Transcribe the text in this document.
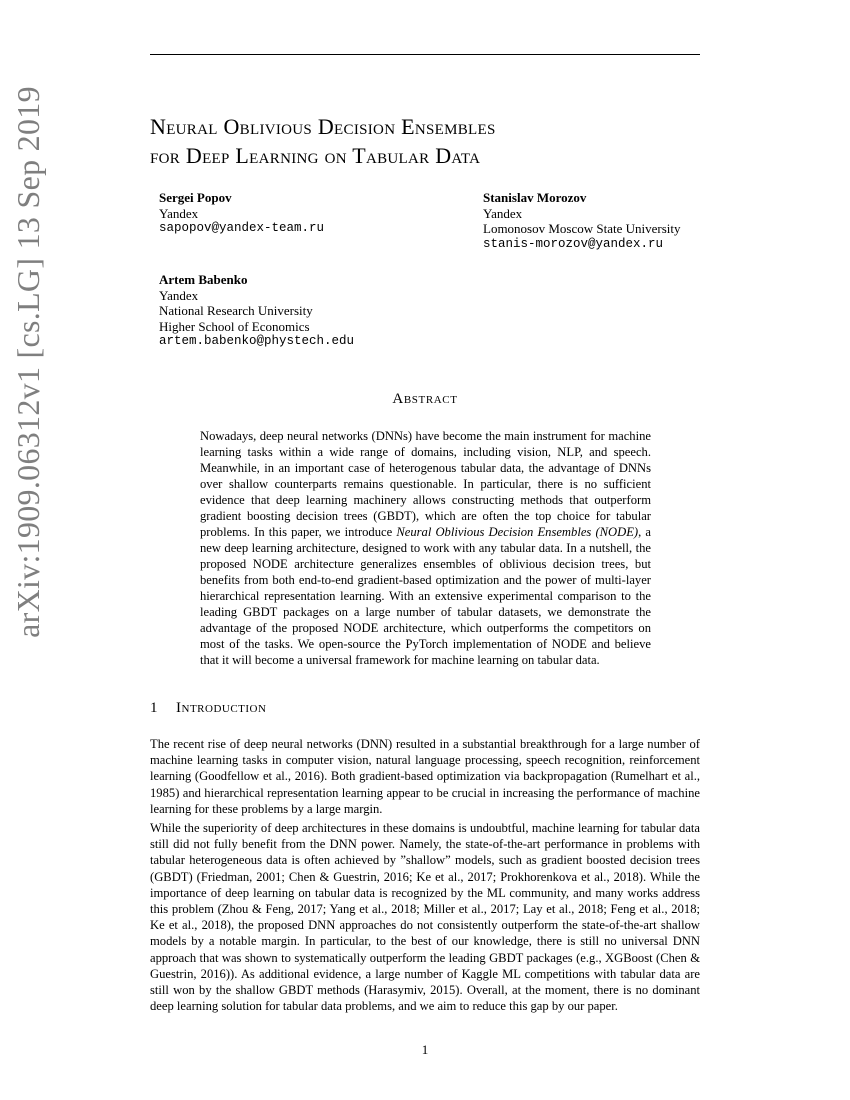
arXiv:1909.06312v1 [cs.LG] 13 Sep 2019	Neural Oblivious Decision Ensembles
for Deep Learning on Tabular Data
Sergei Popov
Yandex
sapopov@yandex-team.ru
Stanislav Morozov
Yandex
Lomonosov Moscow State University
stanis-morozov@yandex.ru
Artem Babenko
Yandex
National Research University
Higher School of Economics
artem.babenko@phystech.edu
Abstract

Nowadays, deep neural networks (DNNs) have become the main instrument for machine learning tasks within a wide range of domains, including vision, NLP, and speech. Meanwhile, in an important case of heterogenous tabular data, the advantage of DNNs over shallow counterparts remains questionable. In particular, there is no sufficient evidence that deep learning machinery allows constructing methods that outperform gradient boosting decision trees (GBDT), which are often the top choice for tabular problems. In this paper, we introduce Neural Oblivious Decision Ensembles (NODE), a new deep learning architecture, designed to work with any tabular data. In a nutshell, the proposed NODE architecture generalizes ensembles of oblivious decision trees, but benefits from both end-to-end gradient-based optimization and the power of multi-layer hierarchical representation learning. With an extensive experimental comparison to the leading GBDT packages on a large number of tabular datasets, we demonstrate the advantage of the proposed NODE architecture, which outperforms the competitors on most of the tasks. We open-source the PyTorch implementation of NODE and believe that it will become a universal framework for machine learning on tabular data.

1 Introduction

The recent rise of deep neural networks (DNN) resulted in a substantial breakthrough for a large number of machine learning tasks in computer vision, natural language processing, speech recognition, reinforcement learning (Goodfellow et al., 2016). Both gradient-based optimization via backpropagation (Rumelhart et al., 1985) and hierarchical representation learning appear to be crucial in increasing the performance of machine learning for these problems by a large margin.

While the superiority of deep architectures in these domains is undoubtful, machine learning for tabular data still did not fully benefit from the DNN power. Namely, the state-of-the-art performance in problems with tabular heterogeneous data is often achieved by ”shallow” models, such as gradient boosted decision trees (GBDT) (Friedman, 2001; Chen & Guestrin, 2016; Ke et al., 2017; Prokhorenkova et al., 2018). While the importance of deep learning on tabular data is recognized by the ML community, and many works address this problem (Zhou & Feng, 2017; Yang et al., 2018; Miller et al., 2017; Lay et al., 2018; Feng et al., 2018; Ke et al., 2018), the proposed DNN approaches do not consistently outperform the state-of-the-art shallow models by a notable margin. In particular, to the best of our knowledge, there is still no universal DNN approach that was shown to systematically outperform the leading GBDT packages (e.g., XGBoost (Chen & Guestrin, 2016)). As additional evidence, a large number of Kaggle ML competitions with tabular data are still won by the shallow GBDT methods (Harasymiv, 2015). Overall, at the moment, there is no dominant deep learning solution for tabular data problems, and we aim to reduce this gap by our paper.

1
